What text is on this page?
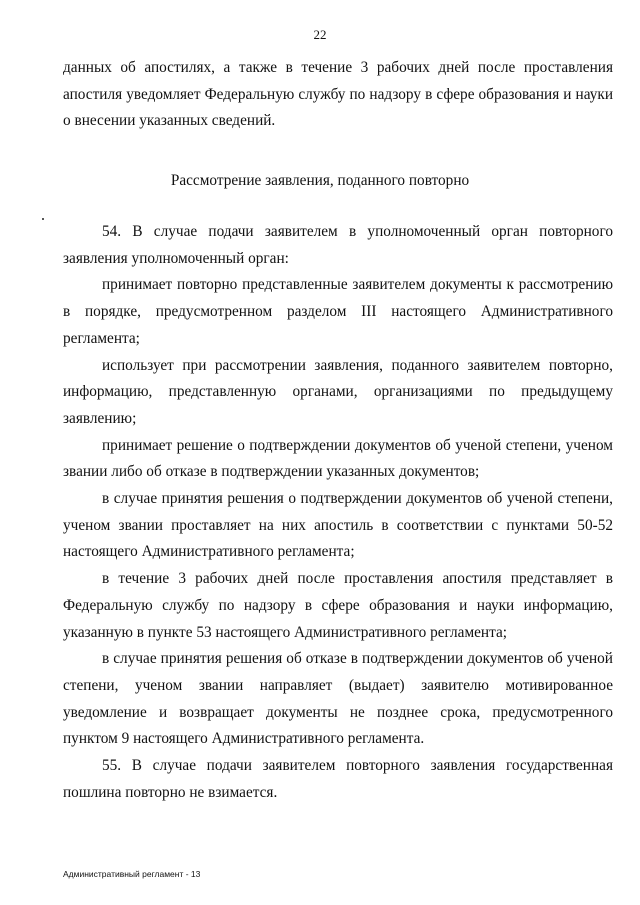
22

данных об апостилях, а также в течение 3 рабочих дней после проставления апостиля уведомляет Федеральную службу по надзору в сфере образования и науки о внесении указанных сведений.

Рассмотрение заявления, поданного повторно

54. В случае подачи заявителем в уполномоченный орган повторного заявления уполномоченный орган:

принимает повторно представленные заявителем документы к рассмотрению в порядке, предусмотренном разделом III настоящего Административного регламента;

использует при рассмотрении заявления, поданного заявителем повторно, информацию, представленную органами, организациями по предыдущему заявлению;

принимает решение о подтверждении документов об ученой степени, ученом звании либо об отказе в подтверждении указанных документов;

в случае принятия решения о подтверждении документов об ученой степени, ученом звании проставляет на них апостиль в соответствии с пунктами 50-52 настоящего Административного регламента;

в течение 3 рабочих дней после проставления апостиля представляет в Федеральную службу по надзору в сфере образования и науки информацию, указанную в пункте 53 настоящего Административного регламента;

в случае принятия решения об отказе в подтверждении документов об ученой степени, ученом звании направляет (выдает) заявителю мотивированное уведомление и возвращает документы не позднее срока, предусмотренного пунктом 9 настоящего Административного регламента.

55. В случае подачи заявителем повторного заявления государственная пошлина повторно не взимается.

Административный регламент - 13
